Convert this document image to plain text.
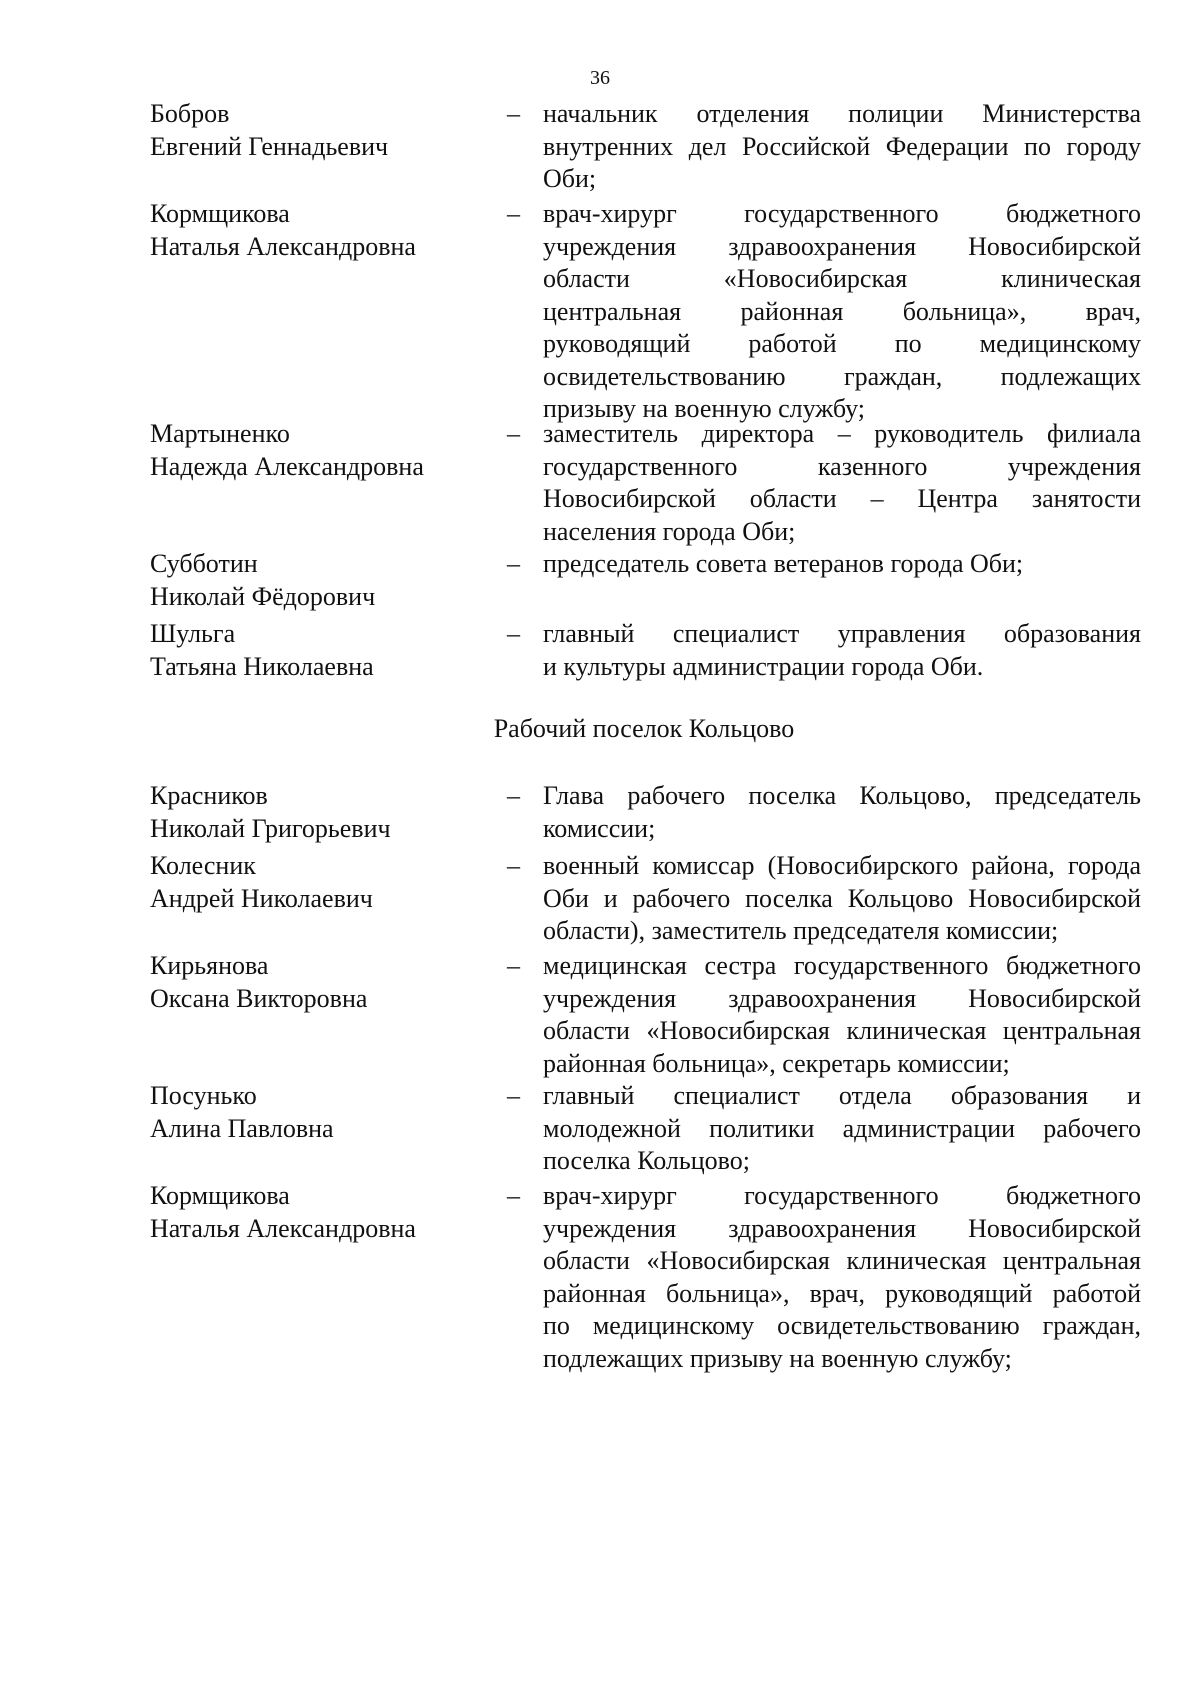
36
Бобров
Евгений Геннадьевич
– начальник отделения полиции Министерства
внутренних дел Российской Федерации по городу
Оби;
Кормщикова
Наталья Александровна
– врач-хирург государственного бюджетного
учреждения здравоохранения Новосибирской
области «Новосибирская клиническая
центральная районная больница», врач,
руководящий работой по медицинскому
освидетельствованию граждан, подлежащих
призыву на военную службу;
Мартыненко
Надежда Александровна
– заместитель директора – руководитель филиала
государственного казенного учреждения
Новосибирской области – Центра занятости
населения города Оби;
Субботин
Николай Фёдорович
– председатель совета ветеранов города Оби;
Шульга
Татьяна Николаевна
– главный специалист управления образования
и культуры администрации города Оби.
Рабочий поселок Кольцово
Красников
Николай Григорьевич
– Глава рабочего поселка Кольцово, председатель
комиссии;
Колесник
Андрей Николаевич
– военный комиссар (Новосибирского района, города
Оби и рабочего поселка Кольцово Новосибирской
области), заместитель председателя комиссии;
Кирьянова
Оксана Викторовна
– медицинская сестра государственного бюджетного
учреждения здравоохранения Новосибирской
области «Новосибирская клиническая центральная
районная больница», секретарь комиссии;
Посунько
Алина Павловна
– главный специалист отдела образования и
молодежной политики администрации рабочего
поселка Кольцово;
Кормщикова
Наталья Александровна
– врач-хирург государственного бюджетного
учреждения здравоохранения Новосибирской
области «Новосибирская клиническая центральная
районная больница», врач, руководящий работой
по медицинскому освидетельствованию граждан,
подлежащих призыву на военную службу;
